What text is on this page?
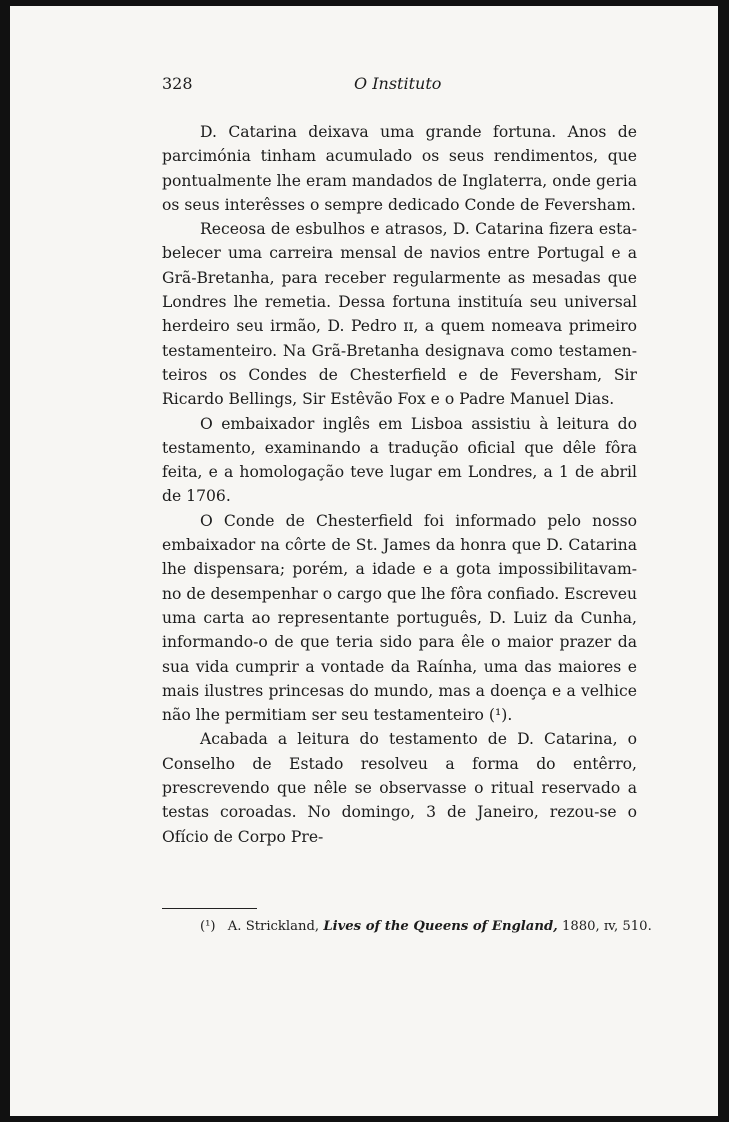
328	O Instituto

D. Catarina deixava uma grande fortuna. Anos de parcimónia tinham acumulado os seus rendimentos, que pontualmente lhe eram mandados de Inglaterra, onde geria os seus interêsses o sempre dedicado Conde de Feversham.

Receosa de esbulhos e atrasos, D. Catarina fizera estabelecer uma carreira mensal de navios entre Portugal e a Grã-Bretanha, para receber regularmente as mesadas que Londres lhe remetia. Dessa fortuna instituía seu universal herdeiro seu irmão, D. Pedro ɪɪ, a quem nomeava primeiro testamenteiro. Na Grã-Bretanha designava como testamenteiros os Condes de Chesterfield e de Feversham, Sir Ricardo Bellings, Sir Estêvão Fox e o Padre Manuel Dias.

O embaixador inglês em Lisboa assistiu à leitura do testamento, examinando a tradução oficial que dêle fôra feita, e a homologação teve lugar em Londres, a 1 de abril de 1706.

O Conde de Chesterfield foi informado pelo nosso embaixador na côrte de St. James da honra que D. Catarina lhe dispensara; porém, a idade e a gota impossibilitavam-no de desempenhar o cargo que lhe fôra confiado. Escreveu uma carta ao representante português, D. Luiz da Cunha, informando-o de que teria sido para êle o maior prazer da sua vida cumprir a vontade da Raínha, uma das maiores e mais ilustres princesas do mundo, mas a doença e a velhice não lhe permitiam ser seu testamenteiro (¹).

Acabada a leitura do testamento de D. Catarina, o Conselho de Estado resolveu a forma do entêrro, prescrevendo que nêle se observasse o ritual reservado a testas coroadas. No domingo, 3 de Janeiro, rezou-se o Ofício de Corpo Pre-

(¹) A. Strickland, Lives of the Queens of England, 1880, ɪv, 510.
